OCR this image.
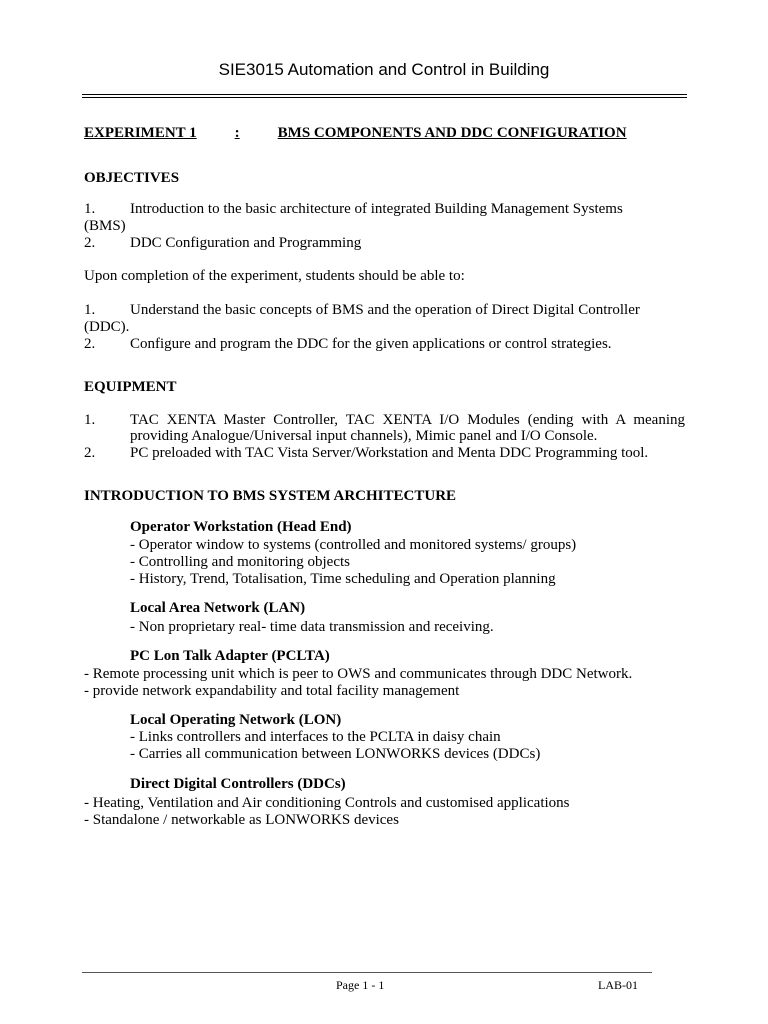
SIE3015 Automation and Control in Building
EXPERIMENT 1	:	BMS COMPONENTS AND DDC CONFIGURATION
OBJECTIVES
1. Introduction to the basic architecture of integrated Building Management Systems
(BMS)
2. DDC Configuration and Programming
Upon completion of the experiment, students should be able to:
1. Understand the basic concepts of BMS and the operation of Direct Digital Controller
(DDC).
2. Configure and program the DDC for the given applications or control strategies.
EQUIPMENT
1. TAC XENTA Master Controller, TAC XENTA I/O Modules (ending with A meaning
providing Analogue/Universal input channels), Mimic panel and I/O Console.
2. PC preloaded with TAC Vista Server/Workstation and Menta DDC Programming tool.
INTRODUCTION TO BMS SYSTEM ARCHITECTURE
Operator Workstation (Head End)
- Operator window to systems (controlled and monitored systems/ groups)
- Controlling and monitoring objects
- History, Trend, Totalisation, Time scheduling and Operation planning
Local Area Network (LAN)
- Non proprietary real- time data transmission and receiving.
PC Lon Talk Adapter (PCLTA)
- Remote processing unit which is peer to OWS and communicates through DDC Network.
- provide network expandability and total facility management
Local Operating Network (LON)
- Links controllers and interfaces to the PCLTA in daisy chain
- Carries all communication between LONWORKS devices (DDCs)
Direct Digital Controllers (DDCs)
- Heating, Ventilation and Air conditioning Controls and customised applications
- Standalone / networkable as LONWORKS devices
Page 1 - 1	LAB-01
